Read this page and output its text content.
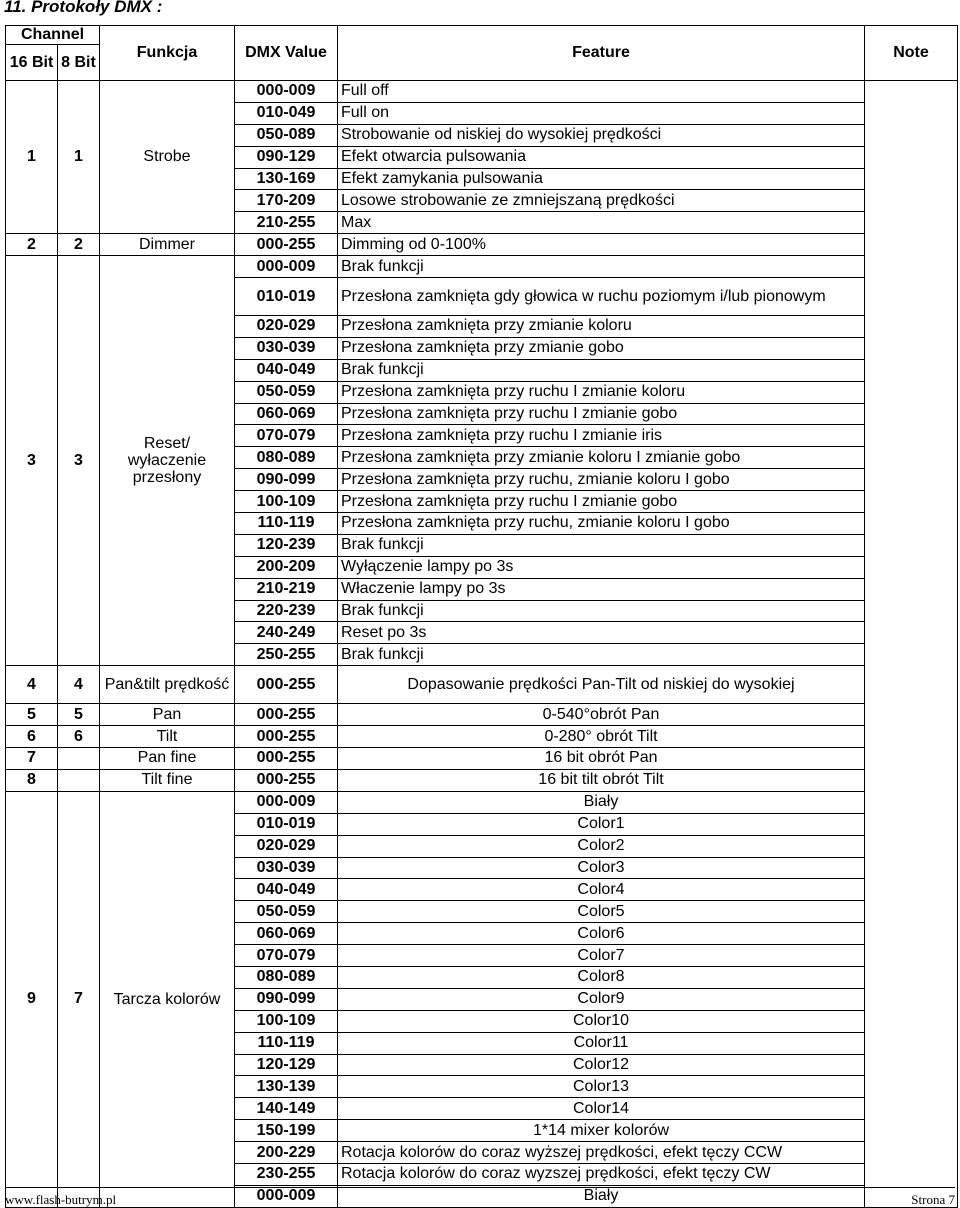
11. Protokoły DMX :
Channel		Funkcja	DMX Value	Feature	Note
16 Bit	8 Bit				
1	1	Strobe	000-009	Full off	
			010-049	Full on	
			050-089	Strobowanie od niskiej do wysokiej prędkości	
			090-129	Efekt otwarcia pulsowania	
			130-169	Efekt zamykania pulsowania	
			170-209	Losowe strobowanie ze zmniejszaną prędkości	
			210-255	Max	
2	2	Dimmer	000-255	Dimming od 0-100%	
3	3	Reset/ wyłaczenie przesłony	000-009	Brak funkcji	
			010-019	Przesłona zamknięta gdy głowica w ruchu poziomym i/lub pionowym	
			020-029	Przesłona zamknięta przy zmianie koloru	
			030-039	Przesłona zamknięta przy zmianie gobo	
			040-049	Brak funkcji	
			050-059	Przesłona zamknięta przy ruchu I zmianie koloru	
			060-069	Przesłona zamknięta przy ruchu I zmianie gobo	
			070-079	Przesłona zamknięta przy ruchu I zmianie iris	
			080-089	Przesłona zamknięta przy zmianie koloru I zmianie gobo	
			090-099	Przesłona zamknięta przy ruchu, zmianie koloru I gobo	
			100-109	Przesłona zamknięta przy ruchu I zmianie gobo	
			110-119	Przesłona zamknięta przy ruchu, zmianie koloru I gobo	
			120-239	Brak funkcji	
			200-209	Wyłączenie lampy po 3s	
			210-219	Właczenie lampy po 3s	
			220-239	Brak funkcji	
			240-249	Reset po 3s	
			250-255	Brak funkcji	
4	4	Pan&tilt prędkość	000-255	Dopasowanie prędkości Pan-Tilt od niskiej do wysokiej	
5	5	Pan	000-255	0-540°obrót Pan	
6	6	Tilt	000-255	0-280° obrót Tilt	
7		Pan fine	000-255	16 bit obrót Pan	
8		Tilt fine	000-255	16 bit tilt obrót Tilt	
9	7	Tarcza kolorów	000-009	Biały	
			010-019	Color1	
			020-029	Color2	
			030-039	Color3	
			040-049	Color4	
			050-059	Color5	
			060-069	Color6	
			070-079	Color7	
			080-089	Color8	
			090-099	Color9	
			100-109	Color10	
			110-119	Color11	
			120-129	Color12	
			130-139	Color13	
			140-149	Color14	
			150-199	1*14 mixer kolorów	
			200-229	Rotacja kolorów do coraz wyższej prędkości, efekt tęczy CCW	
			230-255	Rotacja kolorów do coraz wyzszej prędkości, efekt tęczy CW	
			000-009	Biały	
www.flash-butrym.pl	Strona 7
